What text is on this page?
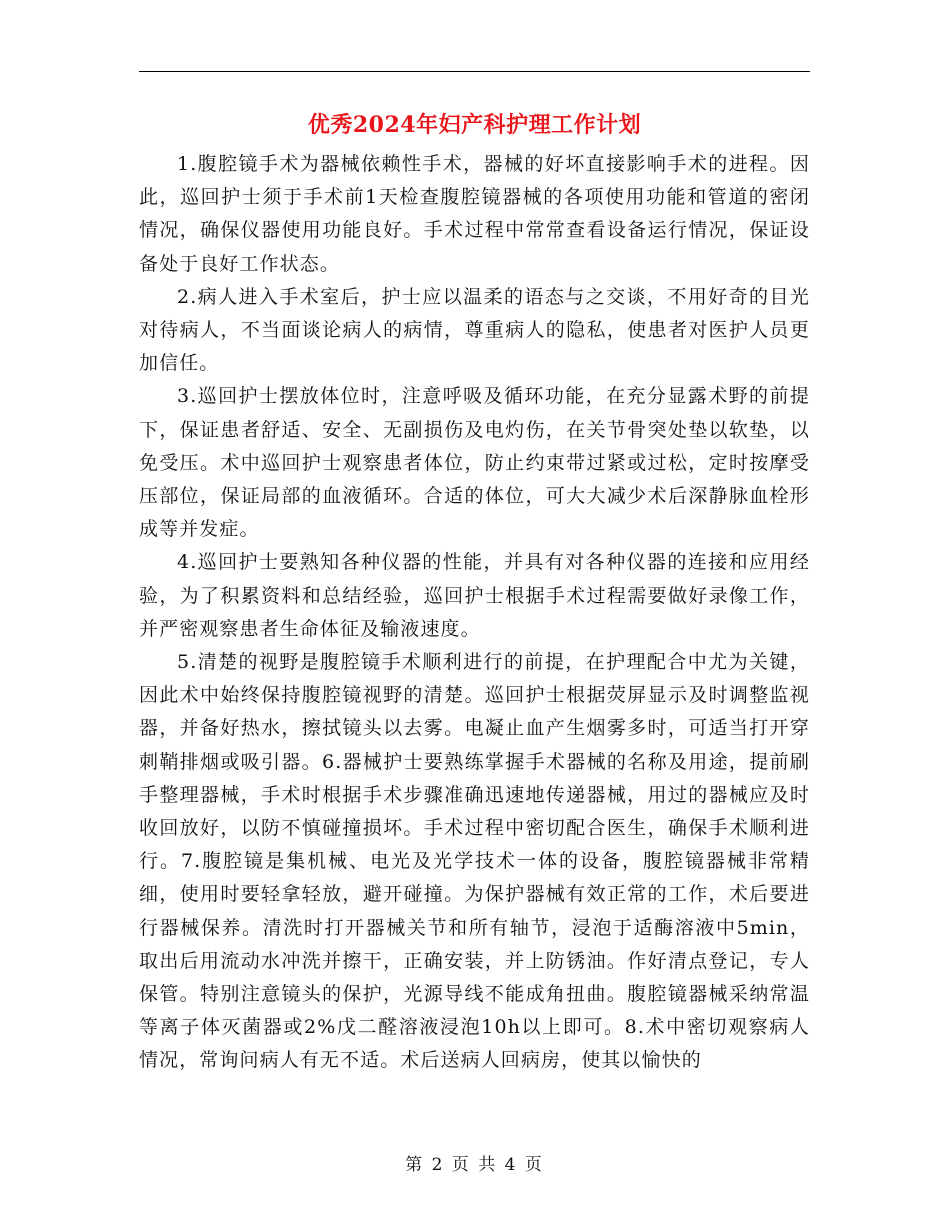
优秀2024年妇产科护理工作计划

1.腹腔镜手术为器械依赖性手术，器械的好坏直接影响手术的进程。因此，巡回护士须于手术前1天检查腹腔镜器械的各项使用功能和管道的密闭情况，确保仪器使用功能良好。手术过程中常常查看设备运行情况，保证设备处于良好工作状态。

2.病人进入手术室后，护士应以温柔的语态与之交谈，不用好奇的目光对待病人，不当面谈论病人的病情，尊重病人的隐私，使患者对医护人员更加信任。

3.巡回护士摆放体位时，注意呼吸及循环功能，在充分显露术野的前提下，保证患者舒适、安全、无副损伤及电灼伤，在关节骨突处垫以软垫，以免受压。术中巡回护士观察患者体位，防止约束带过紧或过松，定时按摩受压部位，保证局部的血液循环。合适的体位，可大大减少术后深静脉血栓形成等并发症。

4.巡回护士要熟知各种仪器的性能，并具有对各种仪器的连接和应用经验，为了积累资料和总结经验，巡回护士根据手术过程需要做好录像工作，并严密观察患者生命体征及输液速度。

5.清楚的视野是腹腔镜手术顺利进行的前提，在护理配合中尤为关键，因此术中始终保持腹腔镜视野的清楚。巡回护士根据荧屏显示及时调整监视器，并备好热水，擦拭镜头以去雾。电凝止血产生烟雾多时，可适当打开穿刺鞘排烟或吸引器。6.器械护士要熟练掌握手术器械的名称及用途，提前刷手整理器械，手术时根据手术步骤准确迅速地传递器械，用过的器械应及时收回放好，以防不慎碰撞损坏。手术过程中密切配合医生，确保手术顺利进行。7.腹腔镜是集机械、电光及光学技术一体的设备，腹腔镜器械非常精细，使用时要轻拿轻放，避开碰撞。为保护器械有效正常的工作，术后要进行器械保养。清洗时打开器械关节和所有轴节，浸泡于适酶溶液中5min，取出后用流动水冲洗并擦干，正确安装，并上防锈油。作好清点登记，专人保管。特别注意镜头的保护，光源导线不能成角扭曲。腹腔镜器械采纳常温等离子体灭菌器或2%戊二醛溶液浸泡10h以上即可。8.术中密切观察病人情况，常询问病人有无不适。术后送病人回病房，使其以愉快的

第 2 页 共 4 页
